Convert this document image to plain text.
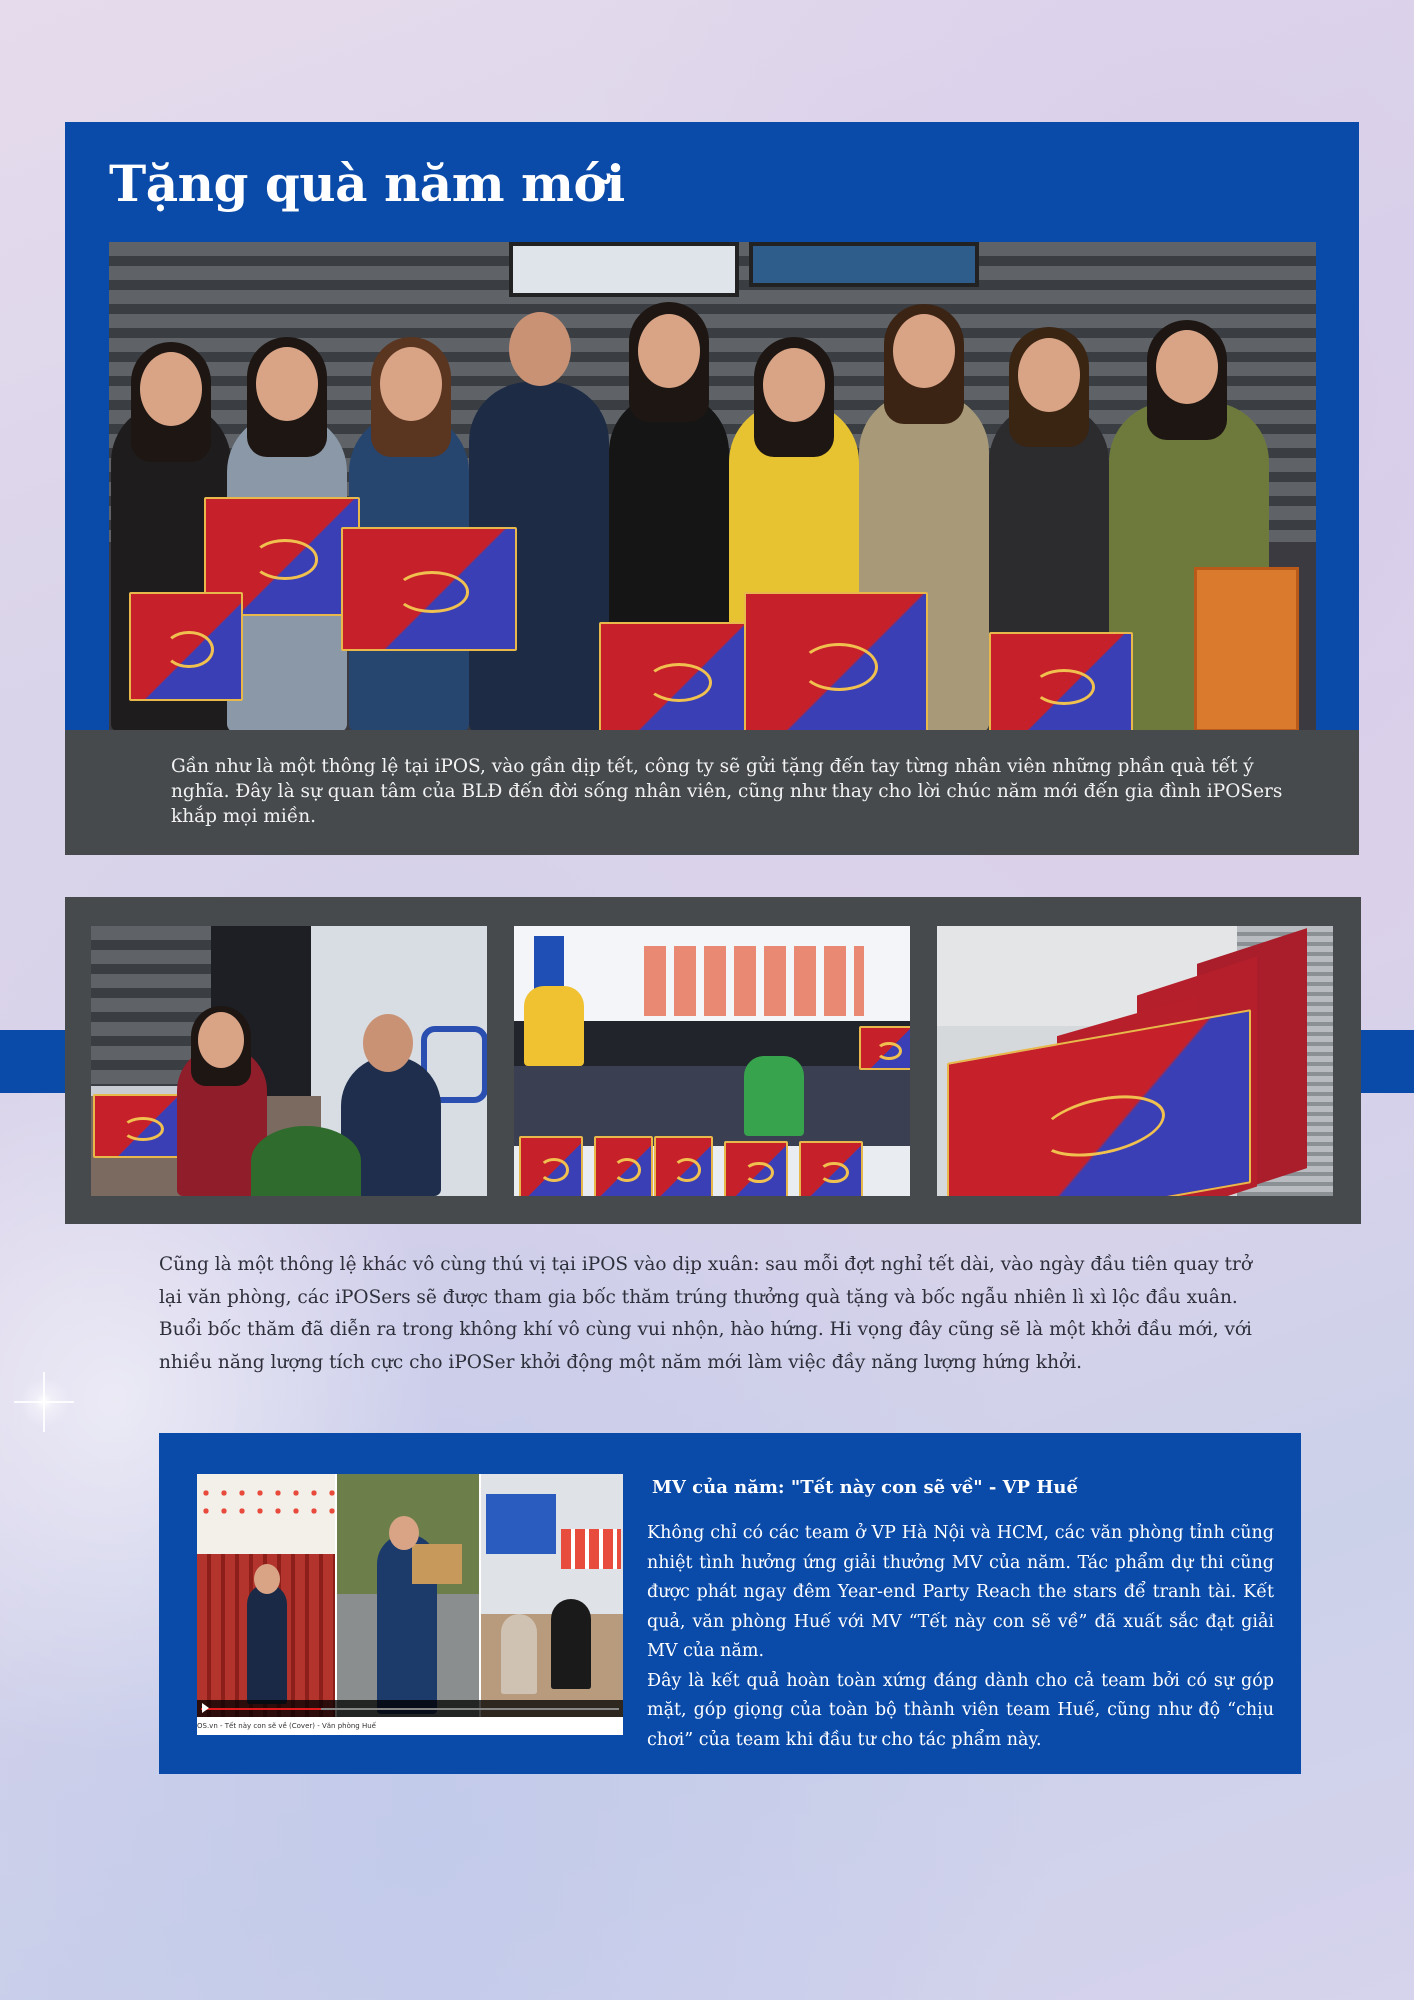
Tặng quà năm mới
Gần như là một thông lệ tại iPOS, vào gần dịp tết, công ty sẽ gửi tặng đến tay từng nhân viên những phần quà tết ý nghĩa. Đây là sự quan tâm của BLĐ đến đời sống nhân viên, cũng như thay cho lời chúc năm mới đến gia đình iPOSers khắp mọi miền.

Cũng là một thông lệ khác vô cùng thú vị tại iPOS vào dịp xuân: sau mỗi đợt nghỉ tết dài, vào ngày đầu tiên quay trở lại văn phòng, các iPOSers sẽ được tham gia bốc thăm trúng thưởng quà tặng và bốc ngẫu nhiên lì xì lộc đầu xuân.

Buổi bốc thăm đã diễn ra trong không khí vô cùng vui nhộn, hào hứng. Hi vọng đây cũng sẽ là một khởi đầu mới, với nhiều năng lượng tích cực cho iPOSer khởi động một năm mới làm việc đầy năng lượng hứng khởi.

OS.vn - Tết này con sẽ về (Cover) - Văn phòng Huế
MV của năm: "Tết này con sẽ về" - VP Huế

Không chỉ có các team ở VP Hà Nội và HCM, các văn phòng tỉnh cũng nhiệt tình hưởng ứng giải thưởng MV của năm. Tác phẩm dự thi cũng được phát ngay đêm Year-end Party Reach the stars để tranh tài. Kết quả, văn phòng Huế với MV “Tết này con sẽ về” đã xuất sắc đạt giải MV của năm.

Đây là kết quả hoàn toàn xứng đáng dành cho cả team bởi có sự góp mặt, góp giọng của toàn bộ thành viên team Huế, cũng như độ “chịu chơi” của team khi đầu tư cho tác phẩm này.
